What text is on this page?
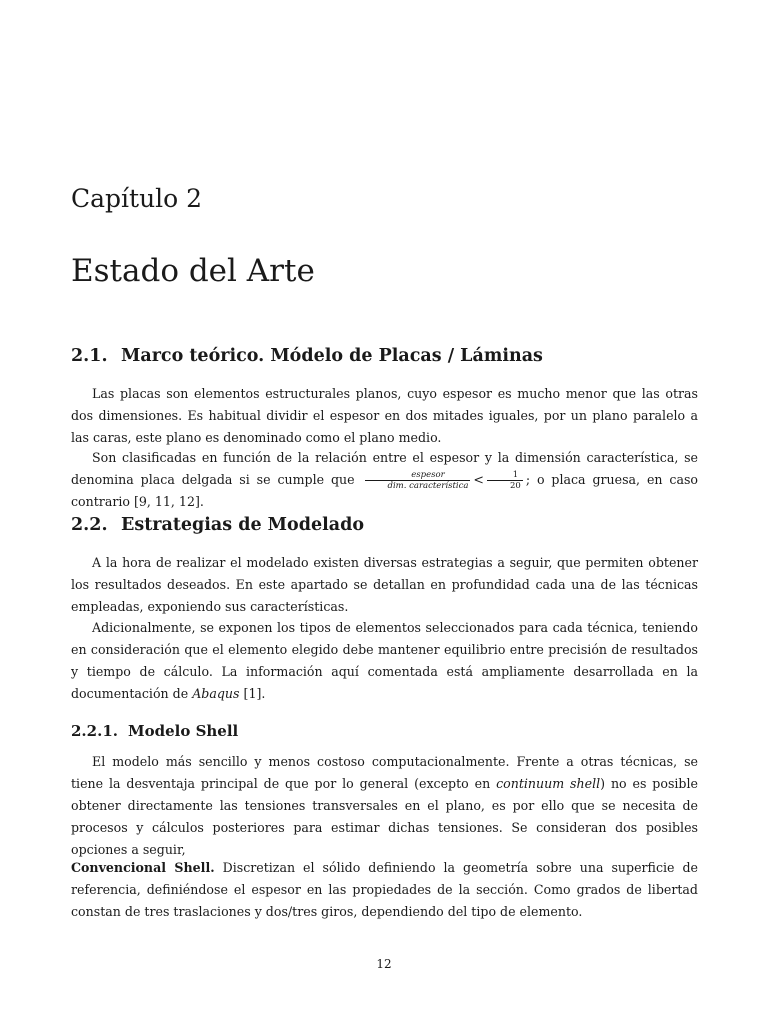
Capítulo 2
Estado del Arte
2.1. Marco teórico. Módelo de Placas / Láminas

Las placas son elementos estructurales planos, cuyo espesor es mucho menor que las otras dos dimensiones. Es habitual dividir el espesor en dos mitades iguales, por un plano paralelo a las caras, este plano es denominado como el plano medio.

Son clasificadas en función de la relación entre el espesor y la dimensión característica, se denomina placa delgada si se cumple que $\frac{\text{espesor}}{\text{dim. característica}} < \frac{1}{20}$ ; o placa gruesa, en caso contrario [9, 11, 12].

2.2. Estrategias de Modelado

A la hora de realizar el modelado existen diversas estrategias a seguir, que permiten obtener los resultados deseados. En este apartado se detallan en profundidad cada una de las técnicas empleadas, exponiendo sus características.

Adicionalmente, se exponen los tipos de elementos seleccionados para cada técnica, teniendo en consideración que el elemento elegido debe mantener equilibrio entre precisión de resultados y tiempo de cálculo. La información aquí comentada está ampliamente desarrollada en la documentación de Abaqus [1].

2.2.1. Modelo Shell

El modelo más sencillo y menos costoso computacionalmente. Frente a otras técnicas, se tiene la desventaja principal de que por lo general (excepto en continuum shell) no es posible obtener directamente las tensiones transversales en el plano, es por ello que se necesita de procesos y cálculos posteriores para estimar dichas tensiones. Se consideran dos posibles opciones a seguir,

Convencional Shell. Discretizan el sólido definiendo la geometría sobre una superficie de referencia, definiéndose el espesor en las propiedades de la sección. Como grados de libertad constan de tres traslaciones y dos/tres giros, dependiendo del tipo de elemento.

12
